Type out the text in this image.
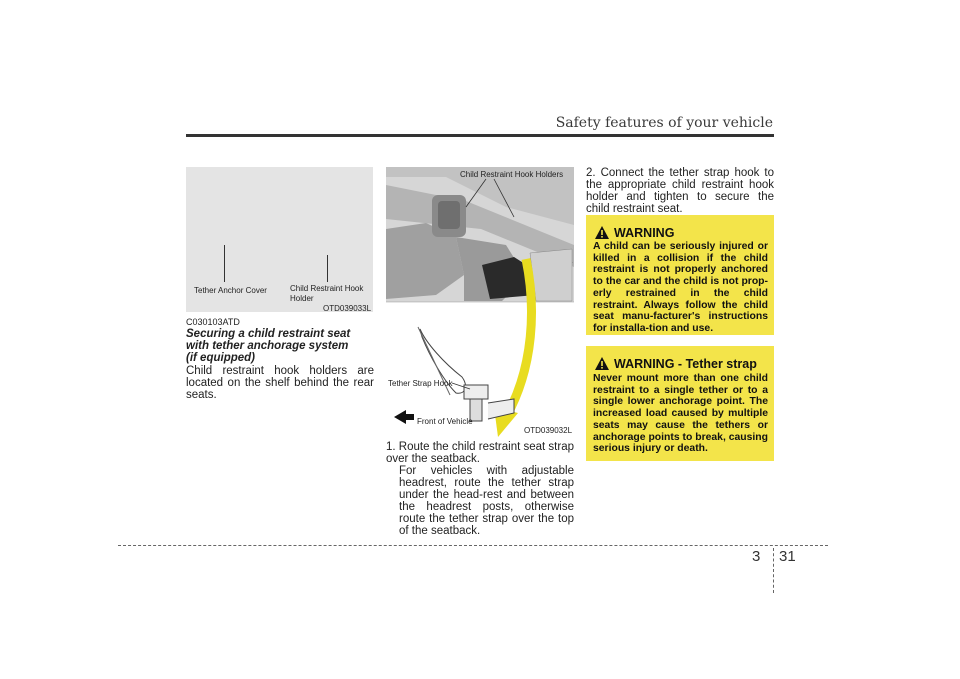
Safety features of your vehicle
Tether Anchor Cover	Child Restraint Hook Holder
OTD039033L
C030103ATD
Securing a child restraint seat with tether anchorage system
(if equipped)
Child restraint hook holders are located on the shelf behind the rear seats.
Child Restraint Hook Holders
Tether Strap Hook
Front of Vehicle
OTD039032L
1. Route the child restraint seat strap over the seatback.
For vehicles with adjustable headrest, route the tether strap under the head-rest and between the headrest posts, otherwise route the tether strap over the top of the seatback.
2. Connect the tether strap hook to the appropriate child restraint hook holder and tighten to secure the child restraint seat.
WARNING
A child can be seriously injured or killed in a collision if the child restraint is not properly anchored to the car and the child is not prop-erly restrained in the child restraint. Always follow the child seat manu-facturer's instructions for installa-tion and use.
WARNING - Tether strap
Never mount more than one child restraint to a single tether or to a single lower anchorage point. The increased load caused by multiple seats may cause the tethers or anchorage points to break, causing serious injury or death.
3 31
